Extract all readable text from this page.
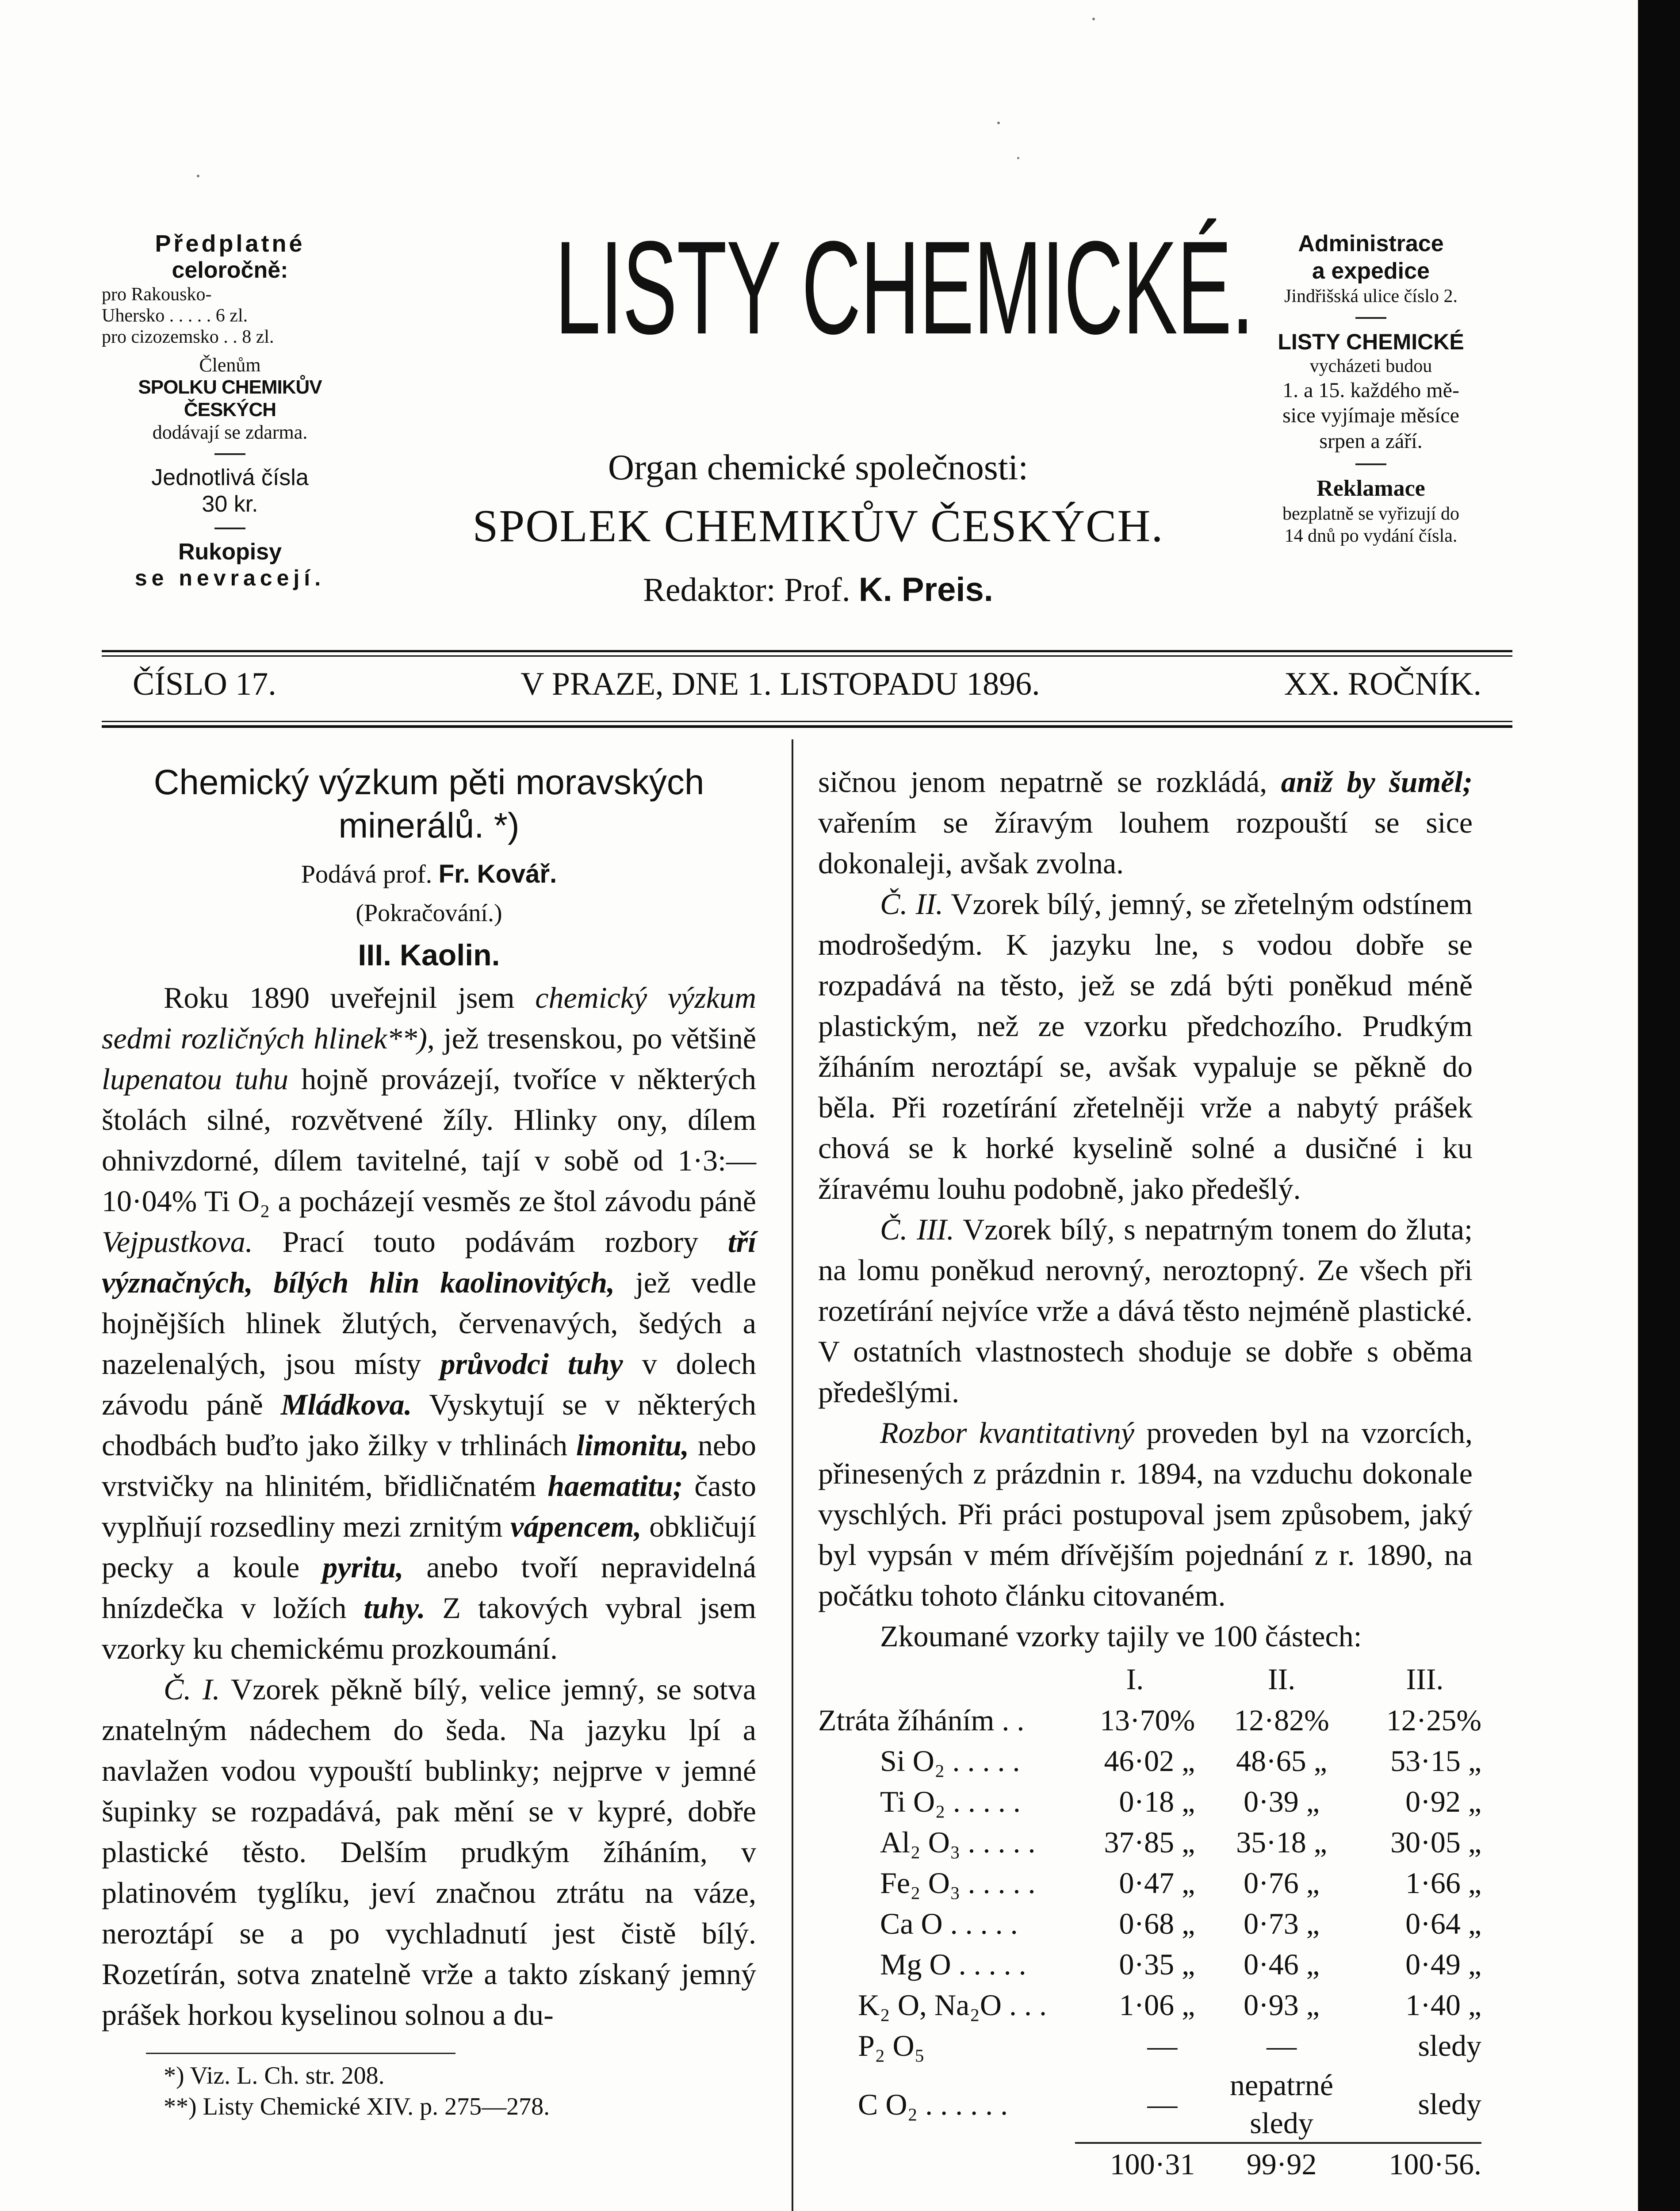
Předplatné
celoročně:
pro Rakousko-
Uhersko . . . . . 6 zl.
pro cizozemsko . . 8 zl.
Členům
SPOLKU CHEMIKŮV ČESKÝCH
dodávají se zdarma.
Jednotlivá čísla
30 kr.
Rukopisy
se nevracejí.
LISTY CHEMICKÉ.
Organ chemické společnosti:
SPOLEK CHEMIKŮV ČESKÝCH.
Redaktor: Prof. K. Preis.
Administrace
a expedice
Jindřišská ulice číslo 2.
LISTY CHEMICKÉ
vycházeti budou
1. a 15. každého mě-
sice vyjímaje měsíce
srpen a září.
Reklamace
bezplatně se vyřizují do
14 dnů po vydání čísla.
ČÍSLO 17.	V PRAZE, DNE 1. LISTOPADU 1896.	XX. ROČNÍK.

Chemický výzkum pěti moravských minerálů. *)

Podává prof. Fr. Kovář.
(Pokračování.)
III. Kaolin.

Roku 1890 uveřejnil jsem chemický výzkum sedmi rozličných hlinek**), jež tresenskou, po většině lupenatou tuhu hojně provázejí, tvoříce v některých štolách silné, rozvětvené žíly. Hlinky ony, dílem ohnivzdorné, dílem tavitelné, tají v sobě od 1·3:— 10·04% Ti O₂ a pocházejí vesměs ze štol závodu páně Vejpustkova. Prací touto podávám rozbory tří význačných, bílých hlin kaolinovitých, jež vedle hojnějších hlinek žlutých, červenavých, šedých a nazelenalých, jsou místy průvodci tuhy v dolech závodu páně Mládkova. Vyskytují se v některých chodbách buďto jako žilky v trhlinách limonitu, nebo vrstvičky na hlinitém, břidličnatém haematitu; často vyplňují rozsedliny mezi zrnitým vápencem, obkličují pecky a koule pyritu, anebo tvoří nepravidelná hnízdečka v ložích tuhy. Z takových vybral jsem vzorky ku chemickému prozkoumání.

Č. I. Vzorek pěkně bílý, velice jemný, se sotva znatelným nádechem do šeda. Na jazyku lpí a navlažen vodou vypouští bublinky; nejprve v jemné šupinky se rozpadává, pak mění se v kypré, dobře plastické těsto. Delším prudkým žíháním, v platinovém tyglíku, jeví značnou ztrátu na váze, neroztápí se a po vychladnutí jest čistě bílý. Rozetírán, sotva znatelně vrže a takto získaný jemný prášek horkou kyselinou solnou a du-

*) Viz. L. Ch. str. 208.
**) Listy Chemické XIV. p. 275—278.

sičnou jenom nepatrně se rozkládá, aniž by šuměl; vařením se žíravým louhem rozpouští se sice dokonaleji, avšak zvolna.

Č. II. Vzorek bílý, jemný, se zřetelným odstínem modrošedým. K jazyku lne, s vodou dobře se rozpadává na těsto, jež se zdá býti poněkud méně plastickým, než ze vzorku předchozího. Prudkým žíháním neroztápí se, avšak vypaluje se pěkně do běla. Při rozetírání zřetelněji vrže a nabytý prášek chová se k horké kyselině solné a dusičné i ku žíravému louhu podobně, jako předešlý.

Č. III. Vzorek bílý, s nepatrným tonem do žluta; na lomu poněkud nerovný, neroztopný. Ze všech při rozetírání nejvíce vrže a dává těsto nejméně plastické. V ostatních vlastnostech shoduje se dobře s oběma předešlými.

Rozbor kvantitativný proveden byl na vzorcích, přinesených z prázdnin r. 1894, na vzduchu dokonale vyschlých. Při práci postupoval jsem způsobem, jaký byl vypsán v mém dřívějším pojednání z r. 1890, na počátku tohoto článku citovaném.

Zkoumané vzorky tajily ve 100 částech:

	I.	II.	III.
Ztráta žíháním . .	13·70%	12·82%	12·25%
Si O₂ . . . . .	46·02 „	48·65 „	53·15 „
Ti O₂ . . . . .	0·18 „	0·39 „	0·92 „
Al₂ O₃ . . . . .	37·85 „	35·18 „	30·05 „
Fe₂ O₃ . . . . .	0·47 „	0·76 „	1·66 „
Ca O . . . . .	0·68 „	0·73 „	0·64 „
Mg O . . . . .	0·35 „	0·46 „	0·49 „
K₂ O, Na₂O . . .	1·06 „	0·93 „	1·40 „
P₂ O₅	—	—	sledy
C O₂ . . . . . .	—	nepatrné sledy	sledy
	100·31	99·92	100·56.
